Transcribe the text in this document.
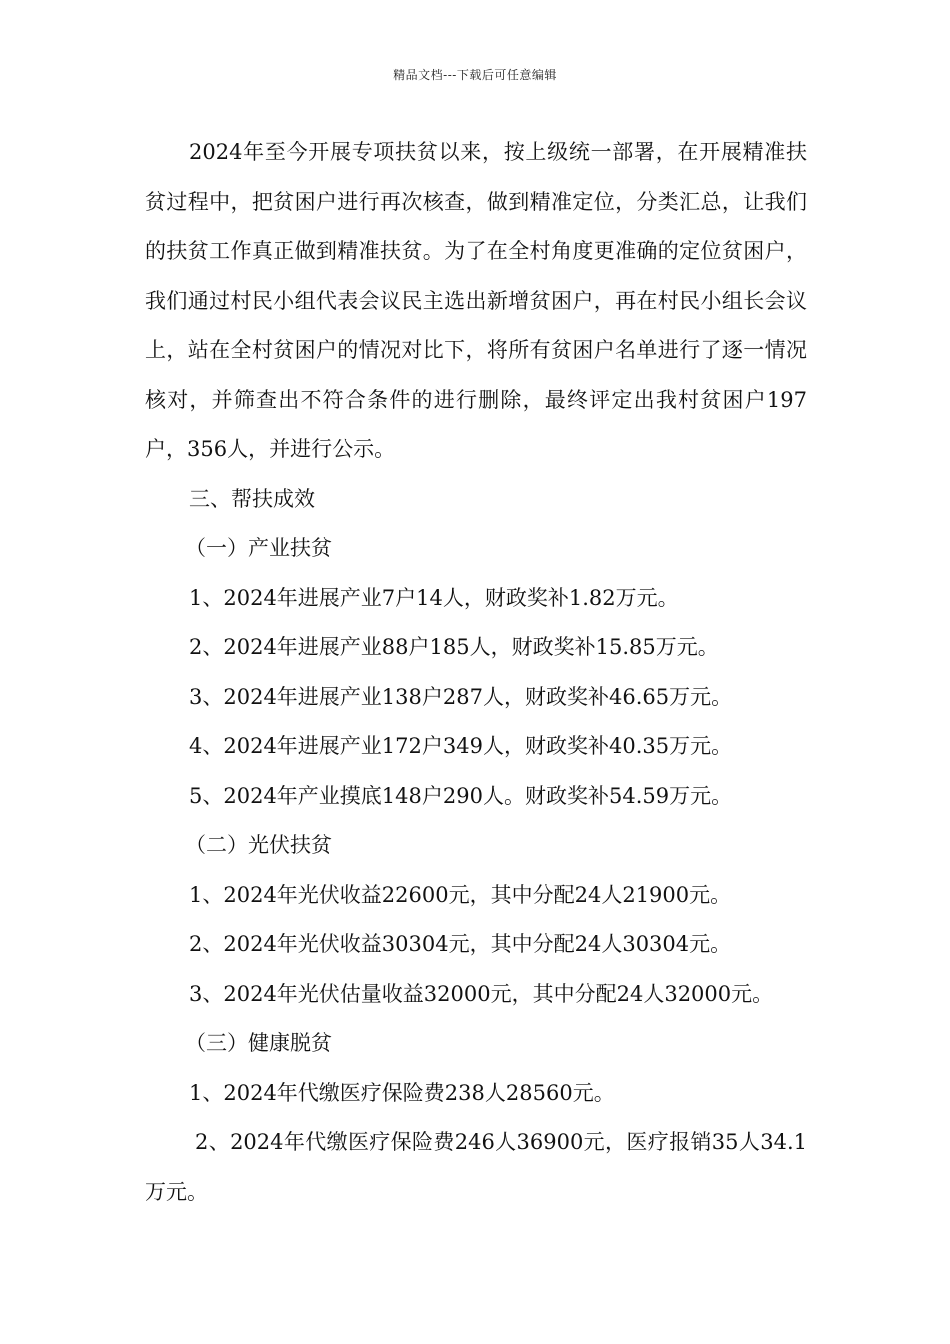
精品文档---下载后可任意编辑

2024年至今开展专项扶贫以来，按上级统一部署，在开展精准扶贫过程中，把贫困户进行再次核查，做到精准定位，分类汇总，让我们的扶贫工作真正做到精准扶贫。为了在全村角度更准确的定位贫困户，我们通过村民小组代表会议民主选出新增贫困户，再在村民小组长会议上，站在全村贫困户的情况对比下，将所有贫困户名单进行了逐一情况核对，并筛查出不符合条件的进行删除，最终评定出我村贫困户197户，356人，并进行公示。

三、帮扶成效

（一）产业扶贫

1、2024年进展产业7户14人，财政奖补1.82万元。

2、2024年进展产业88户185人，财政奖补15.85万元。

3、2024年进展产业138户287人，财政奖补46.65万元。

4、2024年进展产业172户349人，财政奖补40.35万元。

5、2024年产业摸底148户290人。财政奖补54.59万元。

（二）光伏扶贫

1、2024年光伏收益22600元，其中分配24人21900元。

2、2024年光伏收益30304元，其中分配24人30304元。

3、2024年光伏估量收益32000元，其中分配24人32000元。

（三）健康脱贫

1、2024年代缴医疗保险费238人28560元。

2、2024年代缴医疗保险费246人36900元，医疗报销35人34.1万元。
